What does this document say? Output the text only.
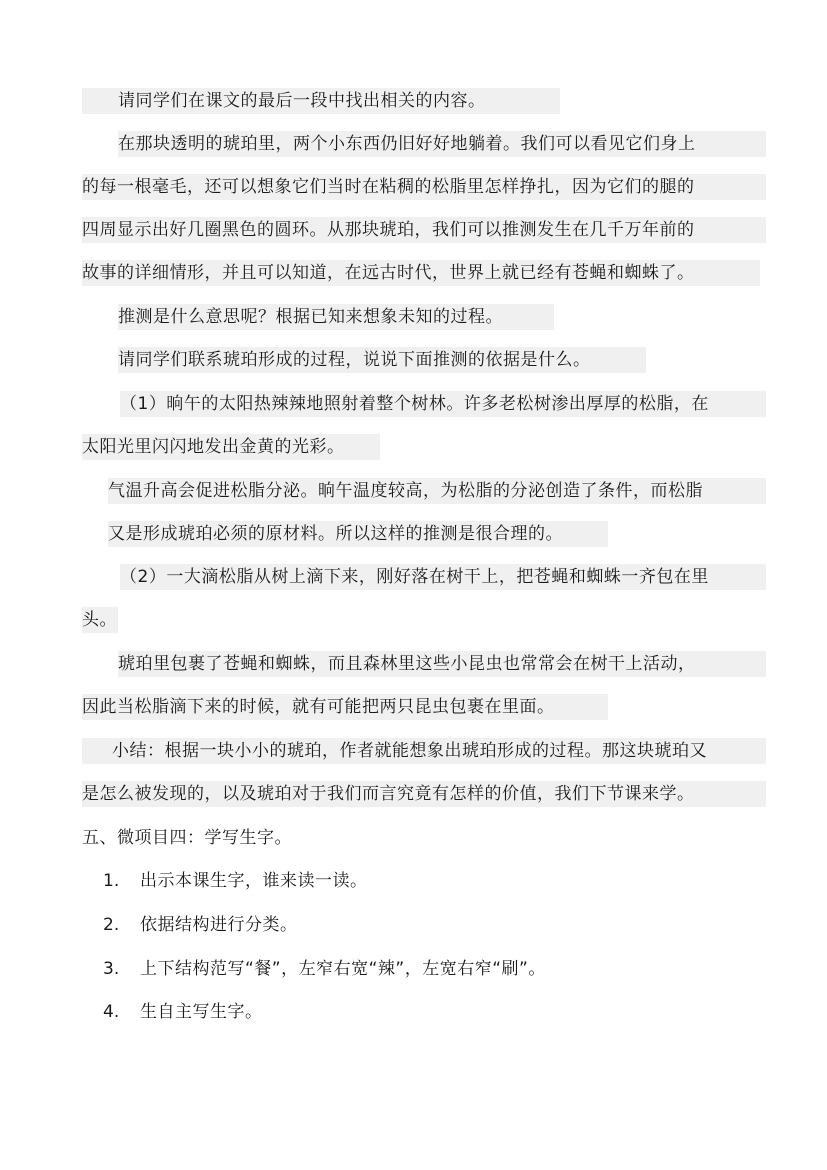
请同学们在课文的最后一段中找出相关的内容。
在那块透明的琥珀里，两个小东西仍旧好好地躺着。我们可以看见它们身上
的每一根毫毛，还可以想象它们当时在粘稠的松脂里怎样挣扎，因为它们的腿的
四周显示出好几圈黑色的圆环。从那块琥珀，我们可以推测发生在几千万年前的
故事的详细情形，并且可以知道，在远古时代，世界上就已经有苍蝇和蜘蛛了。
推测是什么意思呢？根据已知来想象未知的过程。
请同学们联系琥珀形成的过程，说说下面推测的依据是什么。
（1）晌午的太阳热辣辣地照射着整个树林。许多老松树渗出厚厚的松脂，在
太阳光里闪闪地发出金黄的光彩。
气温升高会促进松脂分泌。晌午温度较高，为松脂的分泌创造了条件，而松脂
又是形成琥珀必须的原材料。所以这样的推测是很合理的。
（2）一大滴松脂从树上滴下来，刚好落在树干上，把苍蝇和蜘蛛一齐包在里
头。
琥珀里包裹了苍蝇和蜘蛛，而且森林里这些小昆虫也常常会在树干上活动，
因此当松脂滴下来的时候，就有可能把两只昆虫包裹在里面。
小结：根据一块小小的琥珀，作者就能想象出琥珀形成的过程。那这块琥珀又
是怎么被发现的，以及琥珀对于我们而言究竟有怎样的价值，我们下节课来学。
五、微项目四：学写生字。
1. 出示本课生字，谁来读一读。
2. 依据结构进行分类。
3. 上下结构范写“餐”，左窄右宽“辣”，左宽右窄“刷”。
4. 生自主写生字。
